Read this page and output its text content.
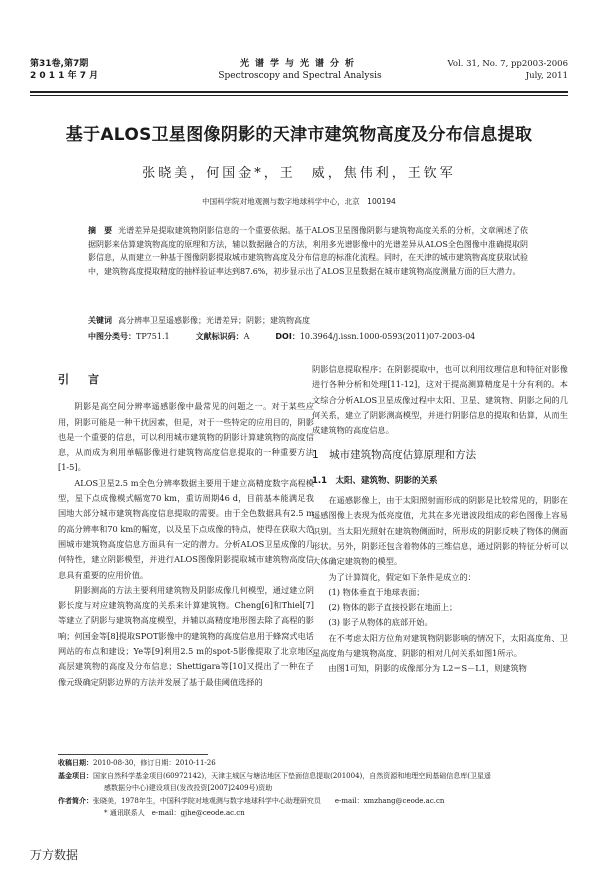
第31卷,第7期
2 0 1 1 年 7 月
光谱学与光谱分析
Spectroscopy and Spectral Analysis
Vol. 31, No. 7, pp2003-2006
July, 2011
基于ALOS卫星图像阴影的天津市建筑物高度及分布信息提取
张晓美，何国金*，王　威，焦伟利，王钦军
中国科学院对地观测与数字地球科学中心，北京　100194
摘　要 光谱差异是提取建筑物阴影信息的一个重要依据。基于ALOS卫星图像阴影与建筑物高度关系的分析，文章阐述了依据阴影来估算建筑物高度的原理和方法，辅以数据融合的方法，利用多光谱影像中的光谱差异从ALOS全色图像中准确提取阴影信息，从而建立一种基于图像阴影提取城市建筑物高度及分布信息的标准化流程。同时，在天津的城市建筑物高度获取试验中，建筑物高度提取精度的抽样验证率达到87.6%，初步显示出了ALOS卫星数据在城市建筑物高度测量方面的巨大潜力。
关键词 高分辨率卫星遥感影像；光谱差异；阴影；建筑物高度
中图分类号：TP751.1	文献标识码：A	DOI：10.3964/j.issn.1000-0593(2011)07-2003-04
引　言

阴影是高空间分辨率遥感影像中最常见的问题之一。对于某些应用，阴影可能是一种干扰因素，但是，对于一些特定的应用目的，阴影也是一个重要的信息，可以利用城市建筑物的阴影计算建筑物的高度信息，从而成为利用单幅影像进行建筑物高度信息提取的一种重要方法[1-5]。

ALOS卫星2.5 m全色分辨率数据主要用于建立高精度数字高程模型，星下点成像模式幅宽70 km，重访周期46 d，目前基本能满足我国地大部分城市建筑物高度信息提取的需要。由于全色数据具有2.5 m的高分辨率和70 km的幅宽，以及星下点成像的特点，使得在获取大范围城市建筑物高度信息方面具有一定的潜力。分析ALOS卫星成像的几何特性，建立阴影模型，并进行ALOS图像阴影提取城市建筑物高度信息具有重要的应用价值。

阴影测高的方法主要利用建筑物及阴影成像几何模型，通过建立阴影长度与对应建筑物高度的关系来计算建筑物。Cheng[6]和Thiel[7]等建立了阴影与建筑物高度模型，并辅以高精度地形图去除了高程的影响；何国金等[8]提取SPOT影像中的建筑物的高度信息用于蜂窝式电话网站的布点和建设；Ye等[9]利用2.5 m的spot-5影像提取了北京地区高层建筑物的高度及分布信息；Shettigara等[10]又提出了一种在子像元级确定阴影边界的方法并发展了基于最佳阈值选择的

阴影信息提取程序；在阴影提取中，也可以利用纹理信息和特征对影像进行各种分析和处理[11-12]，这对于提高测算精度是十分有利的。本文综合分析ALOS卫星成像过程中太阳、卫星、建筑物、阴影之间的几何关系，建立了阴影测高模型，并进行阴影信息的提取和估算，从而生成建筑物的高度信息。

1　城市建筑物高度估算原理和方法
1.1　太阳、建筑物、阴影的关系

在遥感影像上，由于太阳照射面形成的阴影是比较常见的，阴影在遥感图像上表现为低亮度值，尤其在多光谱波段组成的彩色图像上容易识别。当太阳光照射在建筑物侧面时，所形成的阴影反映了物体的侧面形状。另外，阴影还包含着物体的三维信息，通过阴影的特征分析可以大体确定建筑物的模型。

为了计算简化，假定如下条件是成立的：

(1) 物体垂直于地球表面；
(2) 物体的影子直接投影在地面上；
(3) 影子从物体的底部开始。

在不考虑太阳方位角对建筑物阴影影响的情况下，太阳高度角、卫星高度角与建筑物高度、阴影的相对几何关系如图1所示。

由图1可知，阴影的成像部分为 L2＝S－L1，则建筑物

收稿日期：2010-08-30，修订日期：2010-11-26
基金项目：国家自然科学基金项目(60972142)，天津主城区与塘沽地区下垫面信息提取(201004)，自然资源和地理空间基础信息库(卫星遥
感数据分中心)建设项目(发改投资[2007]2409号)资助
作者简介：张晓美，1978年生，中国科学院对地观测与数字地球科学中心助理研究员　　e-mail：xmzhang@ceode.ac.cn
* 通讯联系人　e-mail：gjhe@ceode.ac.cn
万方数据
